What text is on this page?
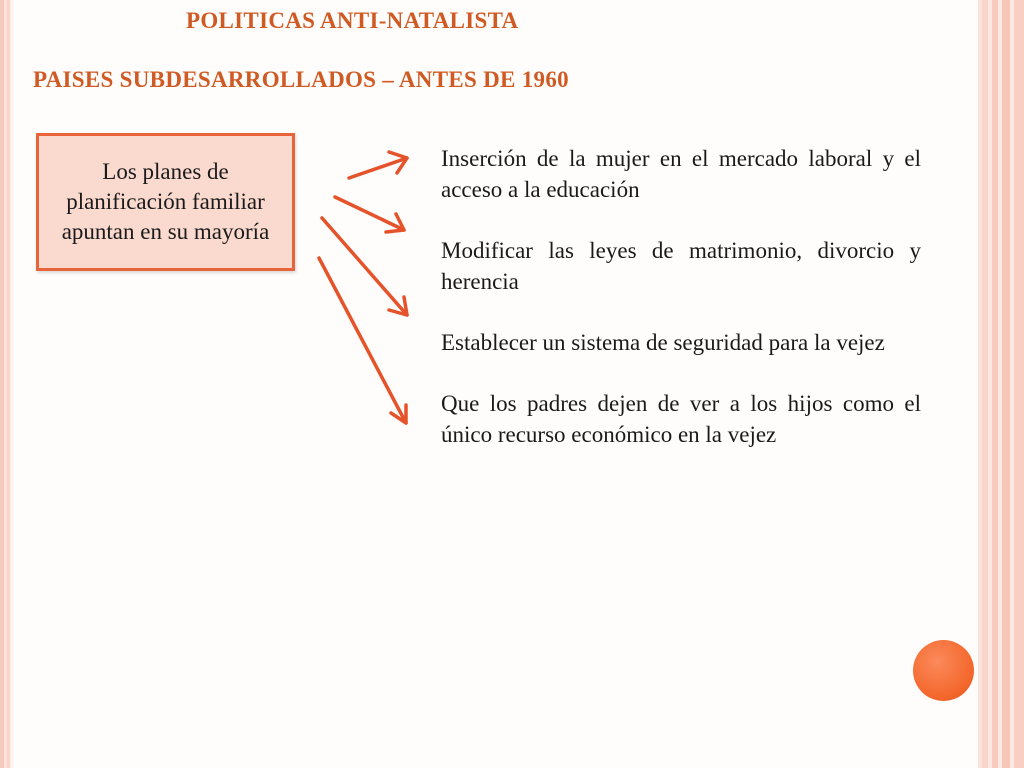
POLITICAS ANTI-NATALISTA
PAISES SUBDESARROLLADOS – ANTES DE 1960
Los planes de planificación familiar apuntan en su mayoría
Inserción de la mujer en el mercado laboral y el acceso a la educación
Modificar las leyes de matrimonio, divorcio y herencia
Establecer un sistema de seguridad para la vejez
Que los padres dejen de ver a los hijos como el único recurso económico en la vejez
